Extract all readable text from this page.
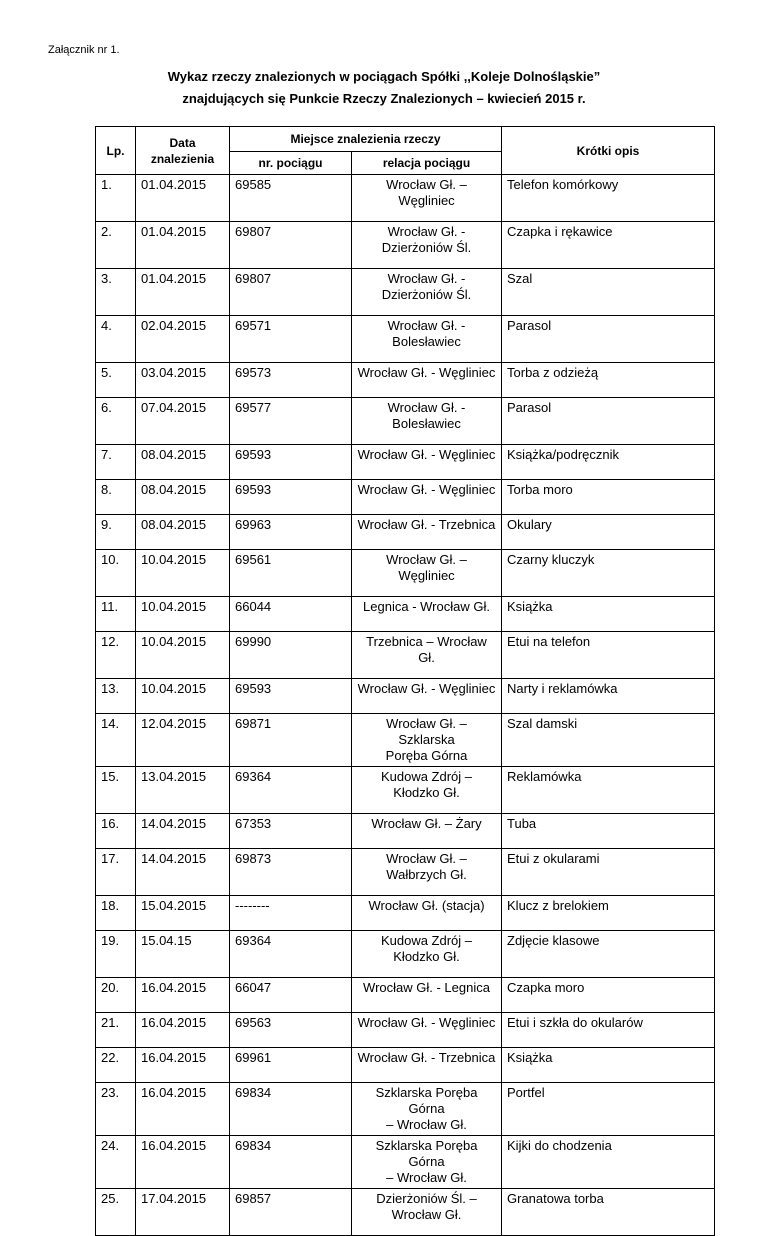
Załącznik nr 1.
Wykaz rzeczy znalezionych w pociągach Spółki ,,Koleje Dolnośląskie”
znajdujących się Punkcie Rzeczy Znalezionych – kwiecień 2015 r.
Lp.	Data znalezienia	Miejsce znalezienia rzeczy		Krótki opis
		nr. pociągu	relacja pociągu	
1.	01.04.2015	69585	Wrocław Gł. –
Węgliniec	Telefon komórkowy
2.	01.04.2015	69807	Wrocław Gł. -
Dzierżoniów Śl.	Czapka i rękawice
3.	01.04.2015	69807	Wrocław Gł. -
Dzierżoniów Śl.	Szal
4.	02.04.2015	69571	Wrocław Gł. -
Bolesławiec	Parasol
5.	03.04.2015	69573	Wrocław Gł. - Węgliniec	Torba z odzieżą
6.	07.04.2015	69577	Wrocław Gł. -
Bolesławiec	Parasol
7.	08.04.2015	69593	Wrocław Gł. - Węgliniec	Książka/podręcznik
8.	08.04.2015	69593	Wrocław Gł. - Węgliniec	Torba moro
9.	08.04.2015	69963	Wrocław Gł. - Trzebnica	Okulary
10.	10.04.2015	69561	Wrocław Gł. –
Węgliniec	Czarny kluczyk
11.	10.04.2015	66044	Legnica - Wrocław Gł.	Książka
12.	10.04.2015	69990	Trzebnica – Wrocław
Gł.	Etui na telefon
13.	10.04.2015	69593	Wrocław Gł. - Węgliniec	Narty i reklamówka
14.	12.04.2015	69871	Wrocław Gł. – Szklarska
Poręba Górna	Szal damski
15.	13.04.2015	69364	Kudowa Zdrój –
Kłodzko Gł.	Reklamówka
16.	14.04.2015	67353	Wrocław Gł. – Żary	Tuba
17.	14.04.2015	69873	Wrocław Gł. –
Wałbrzych Gł.	Etui z okularami
18.	15.04.2015	--------	Wrocław Gł. (stacja)	Klucz z brelokiem
19.	15.04.15	69364	Kudowa Zdrój –
Kłodzko Gł.	Zdjęcie klasowe
20.	16.04.2015	66047	Wrocław Gł. - Legnica	Czapka moro
21.	16.04.2015	69563	Wrocław Gł. - Węgliniec	Etui i szkła do okularów
22.	16.04.2015	69961	Wrocław Gł. - Trzebnica	Książka
23.	16.04.2015	69834	Szklarska Poręba Górna
– Wrocław Gł.	Portfel
24.	16.04.2015	69834	Szklarska Poręba Górna
– Wrocław Gł.	Kijki do chodzenia
25.	17.04.2015	69857	Dzierżoniów Śl. –
Wrocław Gł.	Granatowa torba
